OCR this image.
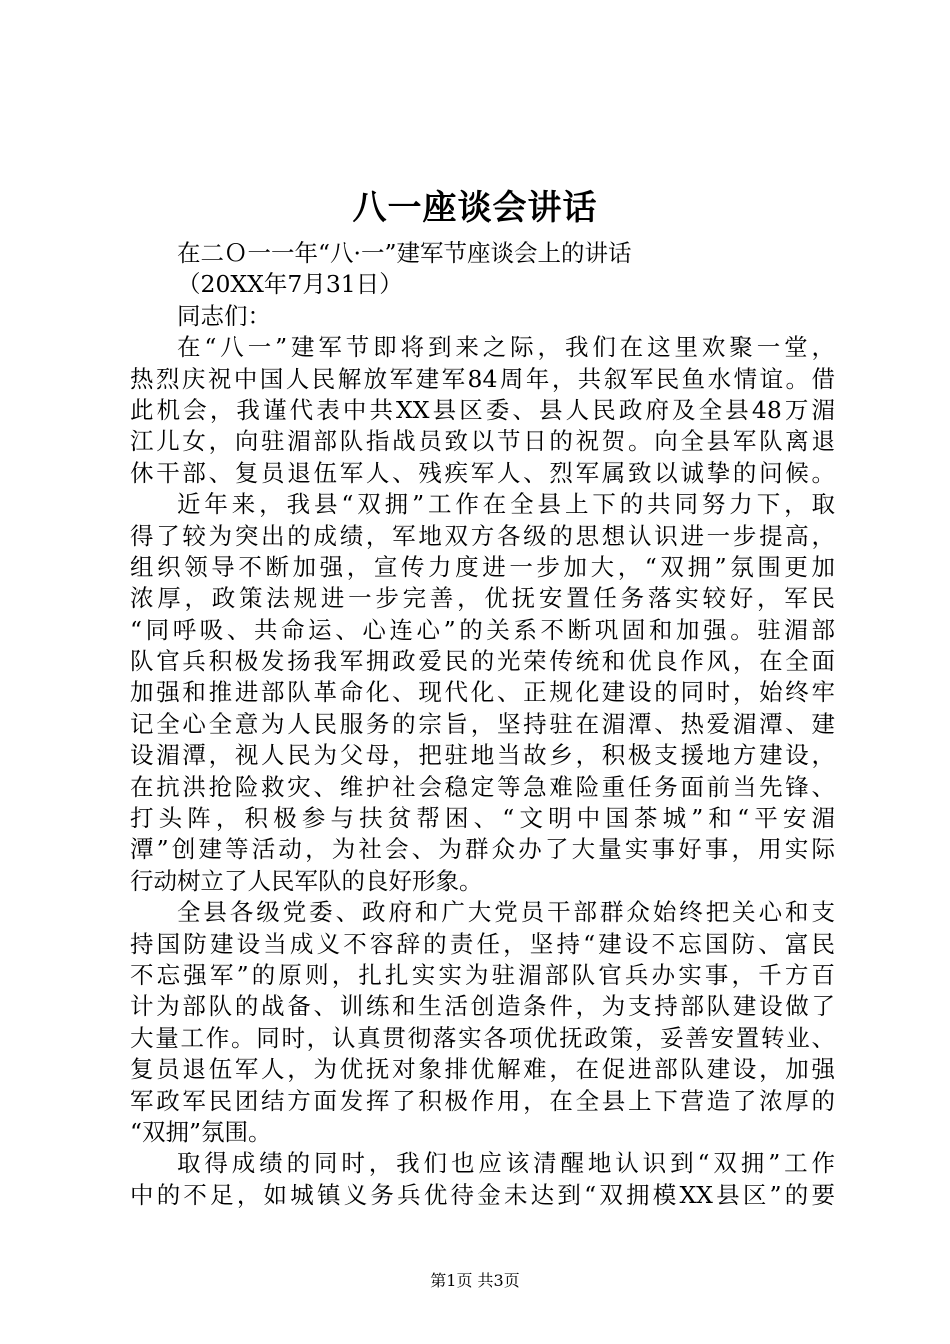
八一座谈会讲话
在二Ｏ一一年“八·一”建军节座谈会上的讲话
（20XX年7月31日）
同志们：
在“八一”建军节即将到来之际，我们在这里欢聚一堂，
热烈庆祝中国人民解放军建军84周年，共叙军民鱼水情谊。借
此机会，我谨代表中共XX县区委、县人民政府及全县48万湄
江儿女，向驻湄部队指战员致以节日的祝贺。向全县军队离退
休干部、复员退伍军人、残疾军人、烈军属致以诚挚的问候。
近年来，我县“双拥”工作在全县上下的共同努力下，取
得了较为突出的成绩，军地双方各级的思想认识进一步提高，
组织领导不断加强，宣传力度进一步加大，“双拥”氛围更加
浓厚，政策法规进一步完善，优抚安置任务落实较好，军民
“同呼吸、共命运、心连心”的关系不断巩固和加强。驻湄部
队官兵积极发扬我军拥政爱民的光荣传统和优良作风，在全面
加强和推进部队革命化、现代化、正规化建设的同时，始终牢
记全心全意为人民服务的宗旨，坚持驻在湄潭、热爱湄潭、建
设湄潭，视人民为父母，把驻地当故乡，积极支援地方建设，
在抗洪抢险救灾、维护社会稳定等急难险重任务面前当先锋、
打头阵，积极参与扶贫帮困、“文明中国茶城”和“平安湄
潭”创建等活动，为社会、为群众办了大量实事好事，用实际
行动树立了人民军队的良好形象。
全县各级党委、政府和广大党员干部群众始终把关心和支
持国防建设当成义不容辞的责任，坚持“建设不忘国防、富民
不忘强军”的原则，扎扎实实为驻湄部队官兵办实事，千方百
计为部队的战备、训练和生活创造条件，为支持部队建设做了
大量工作。同时，认真贯彻落实各项优抚政策，妥善安置转业、
复员退伍军人，为优抚对象排优解难，在促进部队建设，加强
军政军民团结方面发挥了积极作用，在全县上下营造了浓厚的
“双拥”氛围。
取得成绩的同时，我们也应该清醒地认识到“双拥”工作
中的不足，如城镇义务兵优待金未达到“双拥模XX县区”的要
第1页 共3页
